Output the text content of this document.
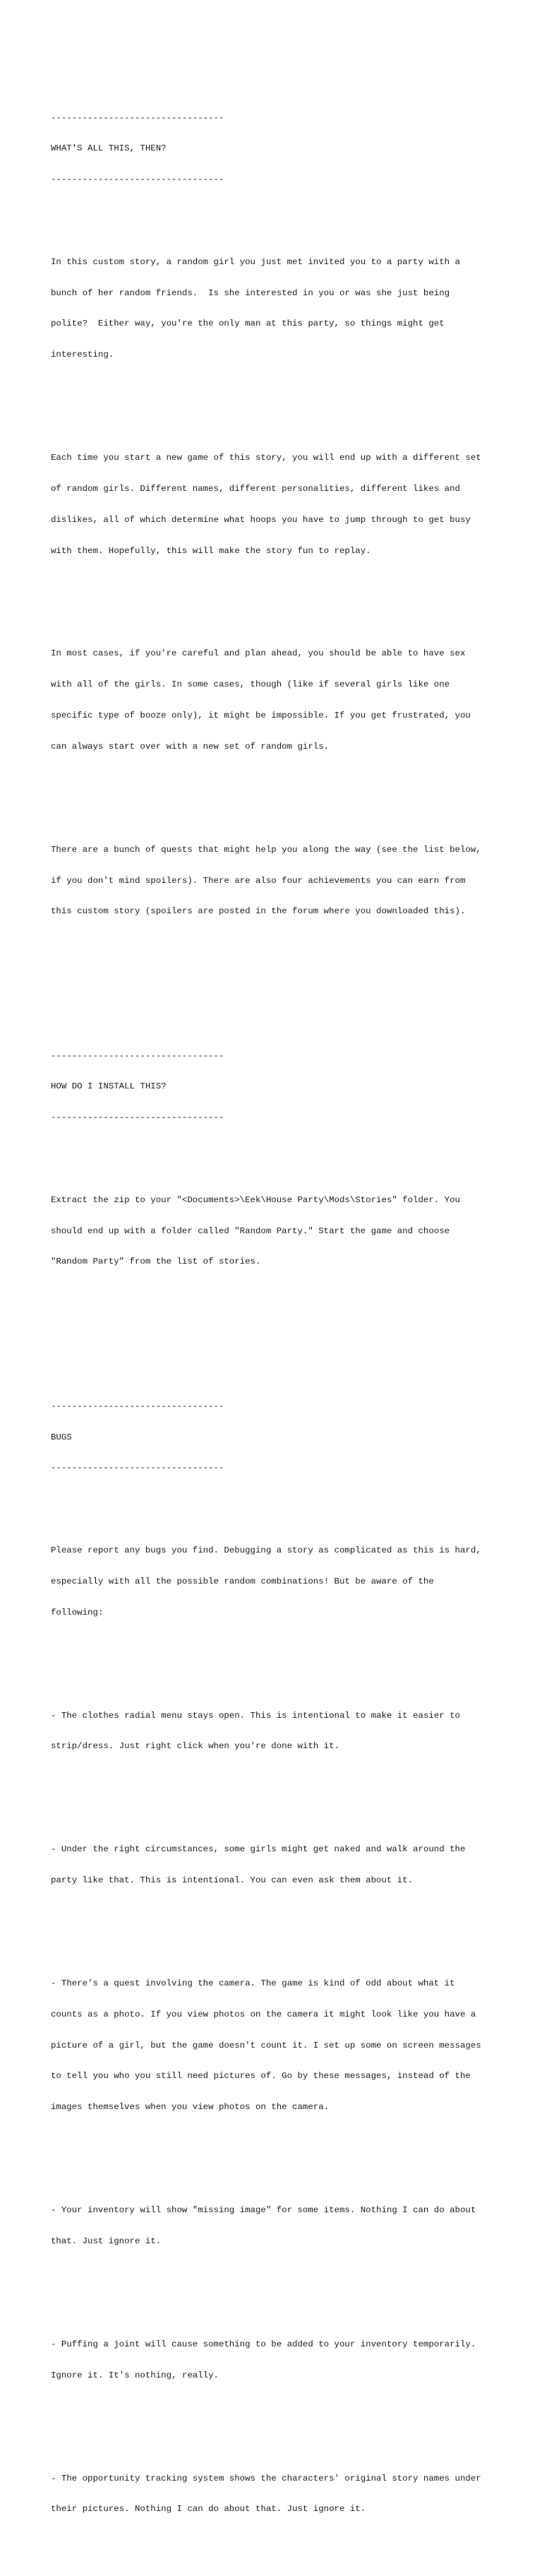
---------------------------------

WHAT'S ALL THIS, THEN?

---------------------------------

In this custom story, a random girl you just met invited you to a party with a

bunch of her random friends.  Is she interested in you or was she just being

polite?  Either way, you're the only man at this party, so things might get

interesting.

Each time you start a new game of this story, you will end up with a different set

of random girls. Different names, different personalities, different likes and

dislikes, all of which determine what hoops you have to jump through to get busy

with them. Hopefully, this will make the story fun to replay.

In most cases, if you're careful and plan ahead, you should be able to have sex

with all of the girls. In some cases, though (like if several girls like one

specific type of booze only), it might be impossible. If you get frustrated, you

can always start over with a new set of random girls.

There are a bunch of quests that might help you along the way (see the list below,

if you don't mind spoilers). There are also four achievements you can earn from

this custom story (spoilers are posted in the forum where you downloaded this).

---------------------------------

HOW DO I INSTALL THIS?

---------------------------------

Extract the zip to your "<Documents>\Eek\House Party\Mods\Stories" folder. You

should end up with a folder called "Random Party." Start the game and choose

"Random Party" from the list of stories.

---------------------------------

BUGS

---------------------------------

Please report any bugs you find. Debugging a story as complicated as this is hard,

especially with all the possible random combinations! But be aware of the

following:

- The clothes radial menu stays open. This is intentional to make it easier to

strip/dress. Just right click when you're done with it.

- Under the right circumstances, some girls might get naked and walk around the

party like that. This is intentional. You can even ask them about it.

- There's a quest involving the camera. The game is kind of odd about what it

counts as a photo. If you view photos on the camera it might look like you have a

picture of a girl, but the game doesn't count it. I set up some on screen messages

to tell you who you still need pictures of. Go by these messages, instead of the

images themselves when you view photos on the camera.

- Your inventory will show "missing image" for some items. Nothing I can do about

that. Just ignore it.

- Puffing a joint will cause something to be added to your inventory temporarily.

Ignore it. It's nothing, really.

- The opportunity tracking system shows the characters' original story names under

their pictures. Nothing I can do about that. Just ignore it.
